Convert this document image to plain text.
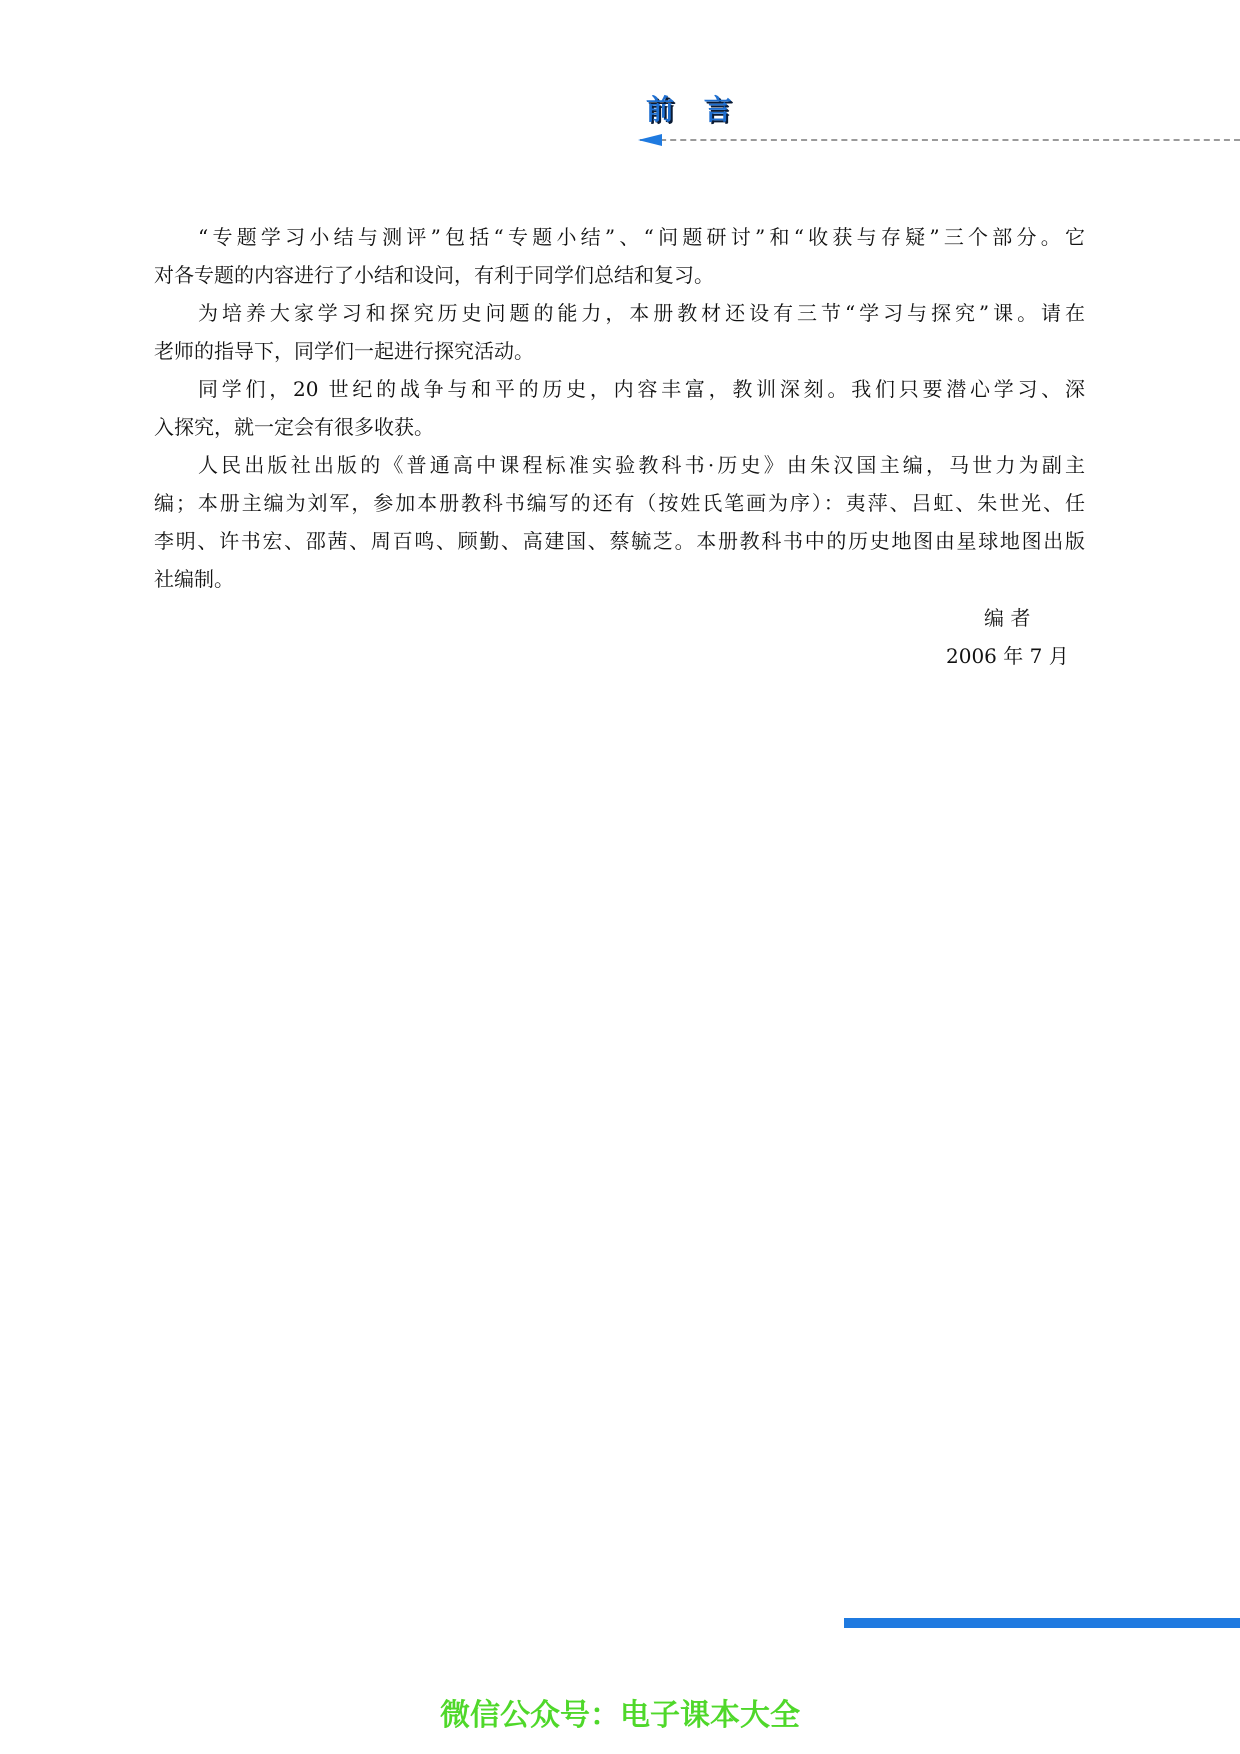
前 言
“专题学习小结与测评”包括“专题小结”、“问题研讨”和“收获与存疑”三个部分。它
对各专题的内容进行了小结和设问，有利于同学们总结和复习。
为培养大家学习和探究历史问题的能力，本册教材还设有三节“学习与探究”课。请在
老师的指导下，同学们一起进行探究活动。
同学们，20 世纪的战争与和平的历史，内容丰富，教训深刻。我们只要潜心学习、深
入探究，就一定会有很多收获。
人民出版社出版的《普通高中课程标准实验教科书·历史》由朱汉国主编，马世力为副主
编；本册主编为刘军，参加本册教科书编写的还有（按姓氏笔画为序）：夷萍、吕虹、朱世光、任
李明、许书宏、邵茜、周百鸣、顾勤、高建国、蔡毓芝。本册教科书中的历史地图由星球地图出版
社编制。
编 者
2006 年 7 月
微信公众号：电子课本大全
